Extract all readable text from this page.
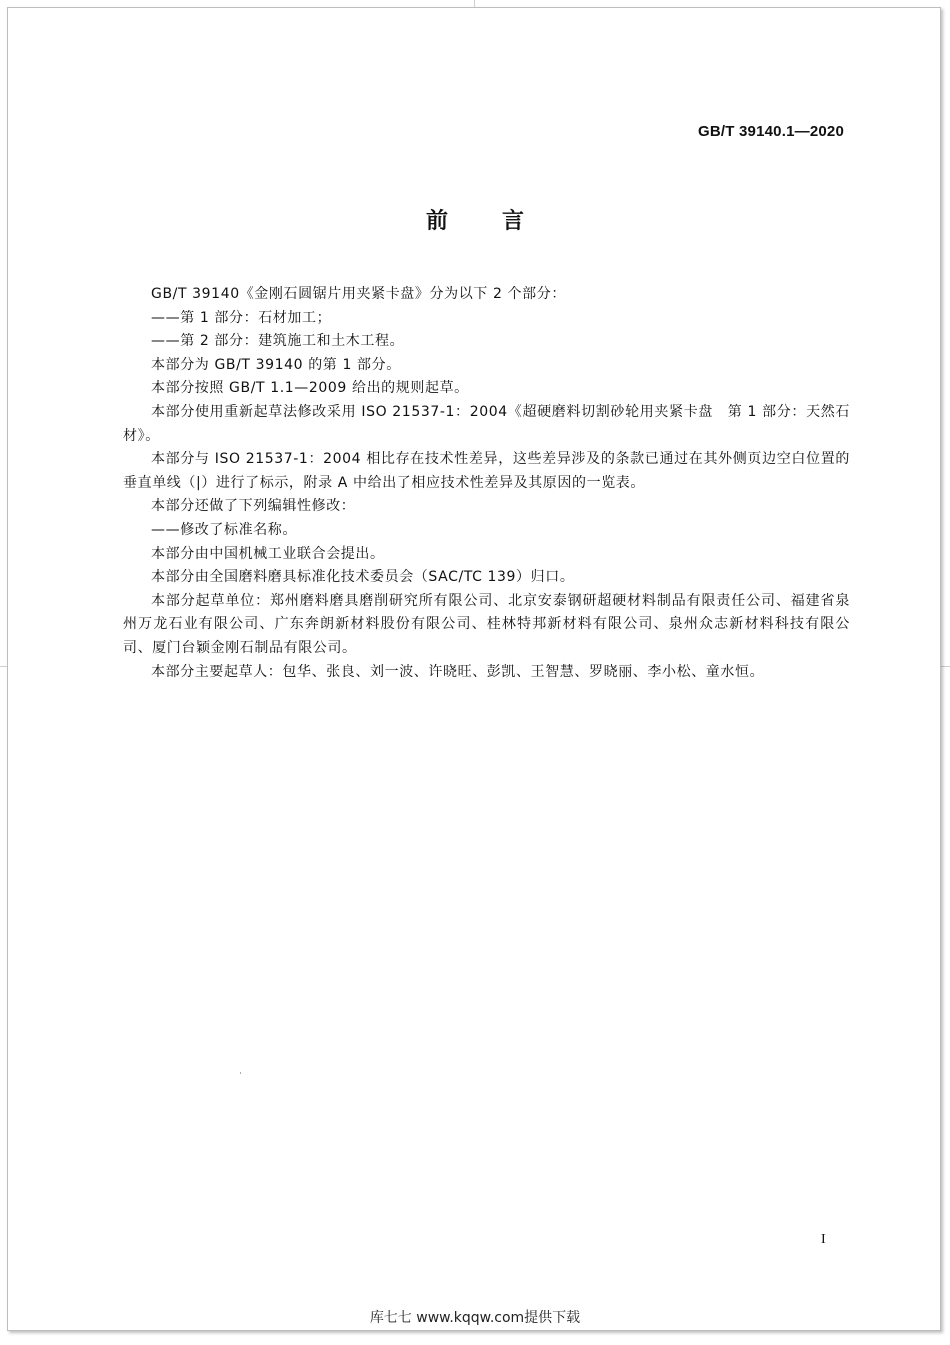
GB/T 39140.1—2020
前言

GB/T 39140《金刚石圆锯片用夹紧卡盘》分为以下 2 个部分：

——第 1 部分：石材加工；

——第 2 部分：建筑施工和土木工程。

本部分为 GB/T 39140 的第 1 部分。

本部分按照 GB/T 1.1—2009 给出的规则起草。

本部分使用重新起草法修改采用 ISO 21537-1：2004《超硬磨料切割砂轮用夹紧卡盘　第 1 部分：天然石材》。

本部分与 ISO 21537-1：2004 相比存在技术性差异，这些差异涉及的条款已通过在其外侧页边空白位置的垂直单线（|）进行了标示，附录 A 中给出了相应技术性差异及其原因的一览表。

本部分还做了下列编辑性修改：

——修改了标准名称。

本部分由中国机械工业联合会提出。

本部分由全国磨料磨具标准化技术委员会（SAC/TC 139）归口。

本部分起草单位：郑州磨料磨具磨削研究所有限公司、北京安泰钢研超硬材料制品有限责任公司、福建省泉州万龙石业有限公司、广东奔朗新材料股份有限公司、桂林特邦新材料有限公司、泉州众志新材料科技有限公司、厦门台颖金刚石制品有限公司。

本部分主要起草人：包华、张良、刘一波、许晓旺、彭凯、王智慧、罗晓丽、李小松、童水恒。

I
库七七 www.kqqw.com提供下载
